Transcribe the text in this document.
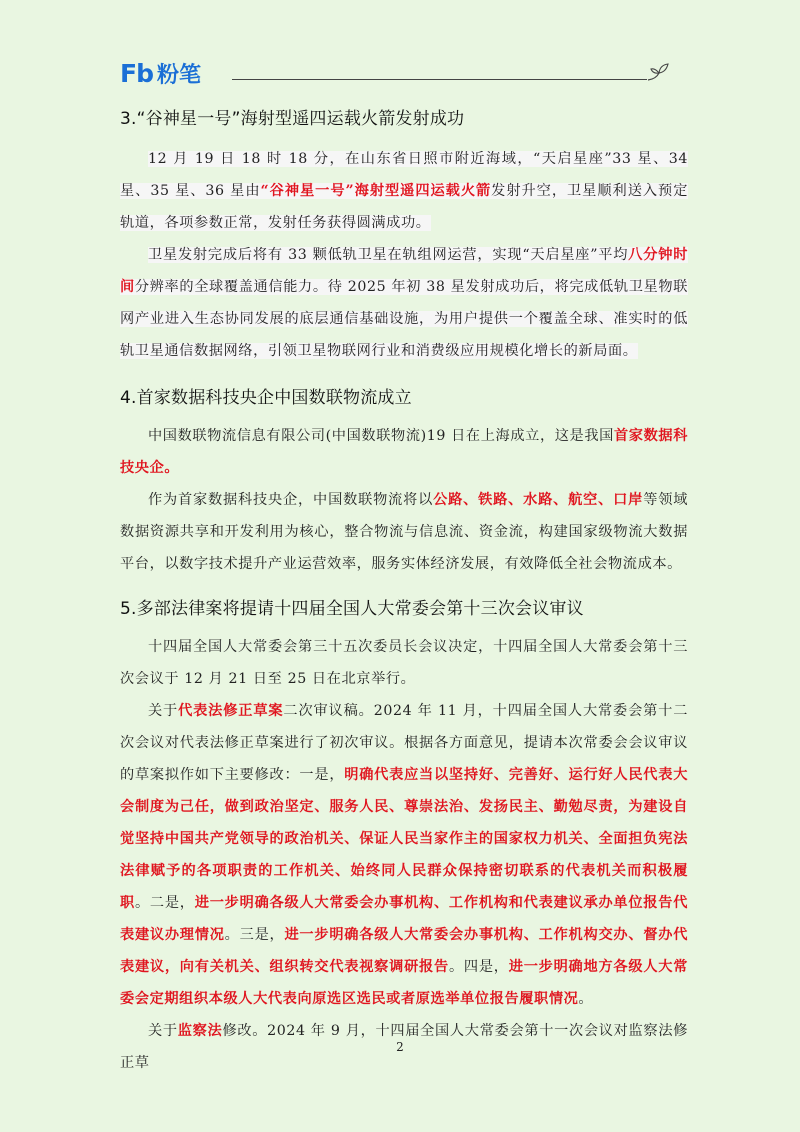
Fb 粉笔
3.“谷神星一号”海射型遥四运载火箭发射成功

12 月 19 日 18 时 18 分，在山东省日照市附近海域，“天启星座”33 星、34 星、35 星、36 星由“谷神星一号”海射型遥四运载火箭发射升空，卫星顺利送入预定轨道，各项参数正常，发射任务获得圆满成功。

卫星发射完成后将有 33 颗低轨卫星在轨组网运营，实现“天启星座”平均八分钟时间分辨率的全球覆盖通信能力。待 2025 年初 38 星发射成功后，将完成低轨卫星物联网产业进入生态协同发展的底层通信基础设施，为用户提供一个覆盖全球、准实时的低轨卫星通信数据网络，引领卫星物联网行业和消费级应用规模化增长的新局面。

4.首家数据科技央企中国数联物流成立

中国数联物流信息有限公司(中国数联物流)19 日在上海成立，这是我国首家数据科技央企。

作为首家数据科技央企，中国数联物流将以公路、铁路、水路、航空、口岸等领域数据资源共享和开发利用为核心，整合物流与信息流、资金流，构建国家级物流大数据平台，以数字技术提升产业运营效率，服务实体经济发展，有效降低全社会物流成本。

5.多部法律案将提请十四届全国人大常委会第十三次会议审议

十四届全国人大常委会第三十五次委员长会议决定，十四届全国人大常委会第十三次会议于 12 月 21 日至 25 日在北京举行。

关于代表法修正草案二次审议稿。2024 年 11 月，十四届全国人大常委会第十二次会议对代表法修正草案进行了初次审议。根据各方面意见，提请本次常委会会议审议的草案拟作如下主要修改：一是，明确代表应当以坚持好、完善好、运行好人民代表大会制度为己任，做到政治坚定、服务人民、尊崇法治、发扬民主、勤勉尽责，为建设自觉坚持中国共产党领导的政治机关、保证人民当家作主的国家权力机关、全面担负宪法法律赋予的各项职责的工作机关、始终同人民群众保持密切联系的代表机关而积极履职。二是，进一步明确各级人大常委会办事机构、工作机构和代表建议承办单位报告代表建议办理情况。三是，进一步明确各级人大常委会办事机构、工作机构交办、督办代表建议，向有关机关、组织转交代表视察调研报告。四是，进一步明确地方各级人大常委会定期组织本级人大代表向原选区选民或者原选举单位报告履职情况。

关于监察法修改。2024 年 9 月，十四届全国人大常委会第十一次会议对监察法修正草

2
